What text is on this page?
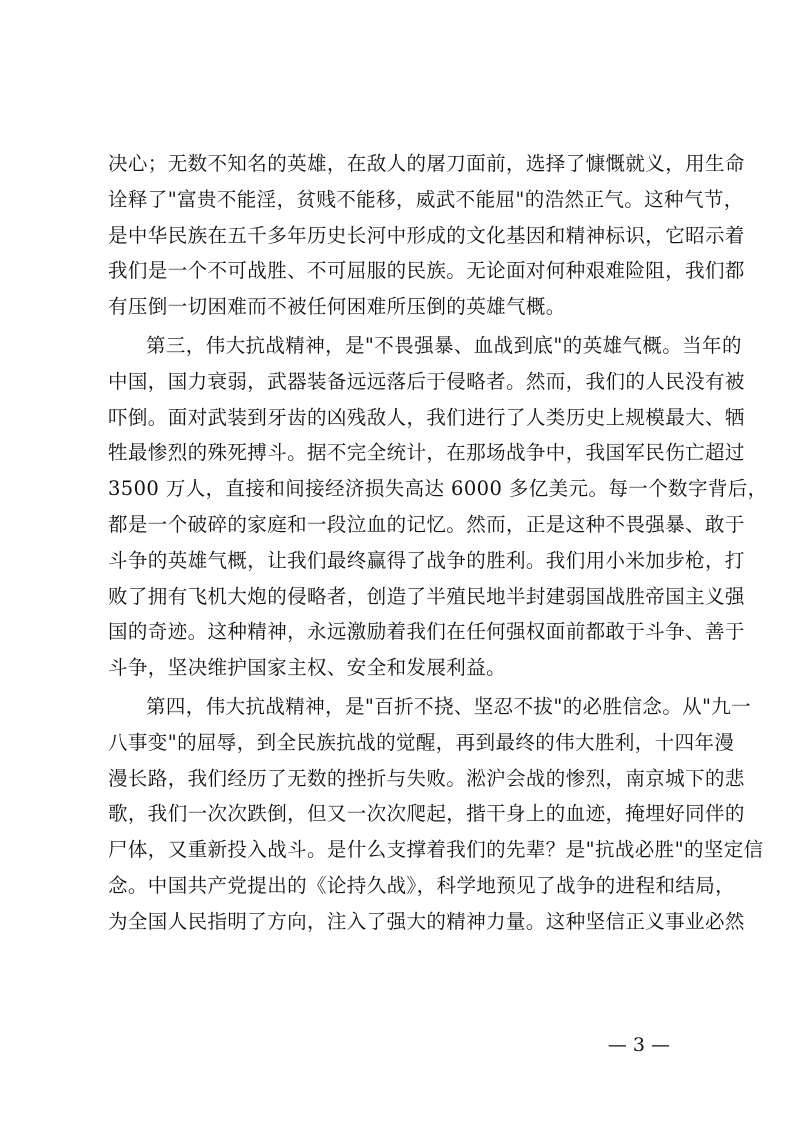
决心；无数不知名的英雄，在敌人的屠刀面前，选择了慷慨就义，用生命
诠释了"富贵不能淫，贫贱不能移，威武不能屈"的浩然正气。这种气节，
是中华民族在五千多年历史长河中形成的文化基因和精神标识，它昭示着
我们是一个不可战胜、不可屈服的民族。无论面对何种艰难险阻，我们都
有压倒一切困难而不被任何困难所压倒的英雄气概。
第三，伟大抗战精神，是"不畏强暴、血战到底"的英雄气概。当年的
中国，国力衰弱，武器装备远远落后于侵略者。然而，我们的人民没有被
吓倒。面对武装到牙齿的凶残敌人，我们进行了人类历史上规模最大、牺
牲最惨烈的殊死搏斗。据不完全统计，在那场战争中，我国军民伤亡超过
3500 万人，直接和间接经济损失高达 6000 多亿美元。每一个数字背后，
都是一个破碎的家庭和一段泣血的记忆。然而，正是这种不畏强暴、敢于
斗争的英雄气概，让我们最终赢得了战争的胜利。我们用小米加步枪，打
败了拥有飞机大炮的侵略者，创造了半殖民地半封建弱国战胜帝国主义强
国的奇迹。这种精神，永远激励着我们在任何强权面前都敢于斗争、善于
斗争，坚决维护国家主权、安全和发展利益。
第四，伟大抗战精神，是"百折不挠、坚忍不拔"的必胜信念。从"九一
八事变"的屈辱，到全民族抗战的觉醒，再到最终的伟大胜利，十四年漫
漫长路，我们经历了无数的挫折与失败。淞沪会战的惨烈，南京城下的悲
歌，我们一次次跌倒，但又一次次爬起，揩干身上的血迹，掩埋好同伴的
尸体，又重新投入战斗。是什么支撑着我们的先辈？是"抗战必胜"的坚定信
念。中国共产党提出的《论持久战》，科学地预见了战争的进程和结局，
为全国人民指明了方向，注入了强大的精神力量。这种坚信正义事业必然
— 3 —
